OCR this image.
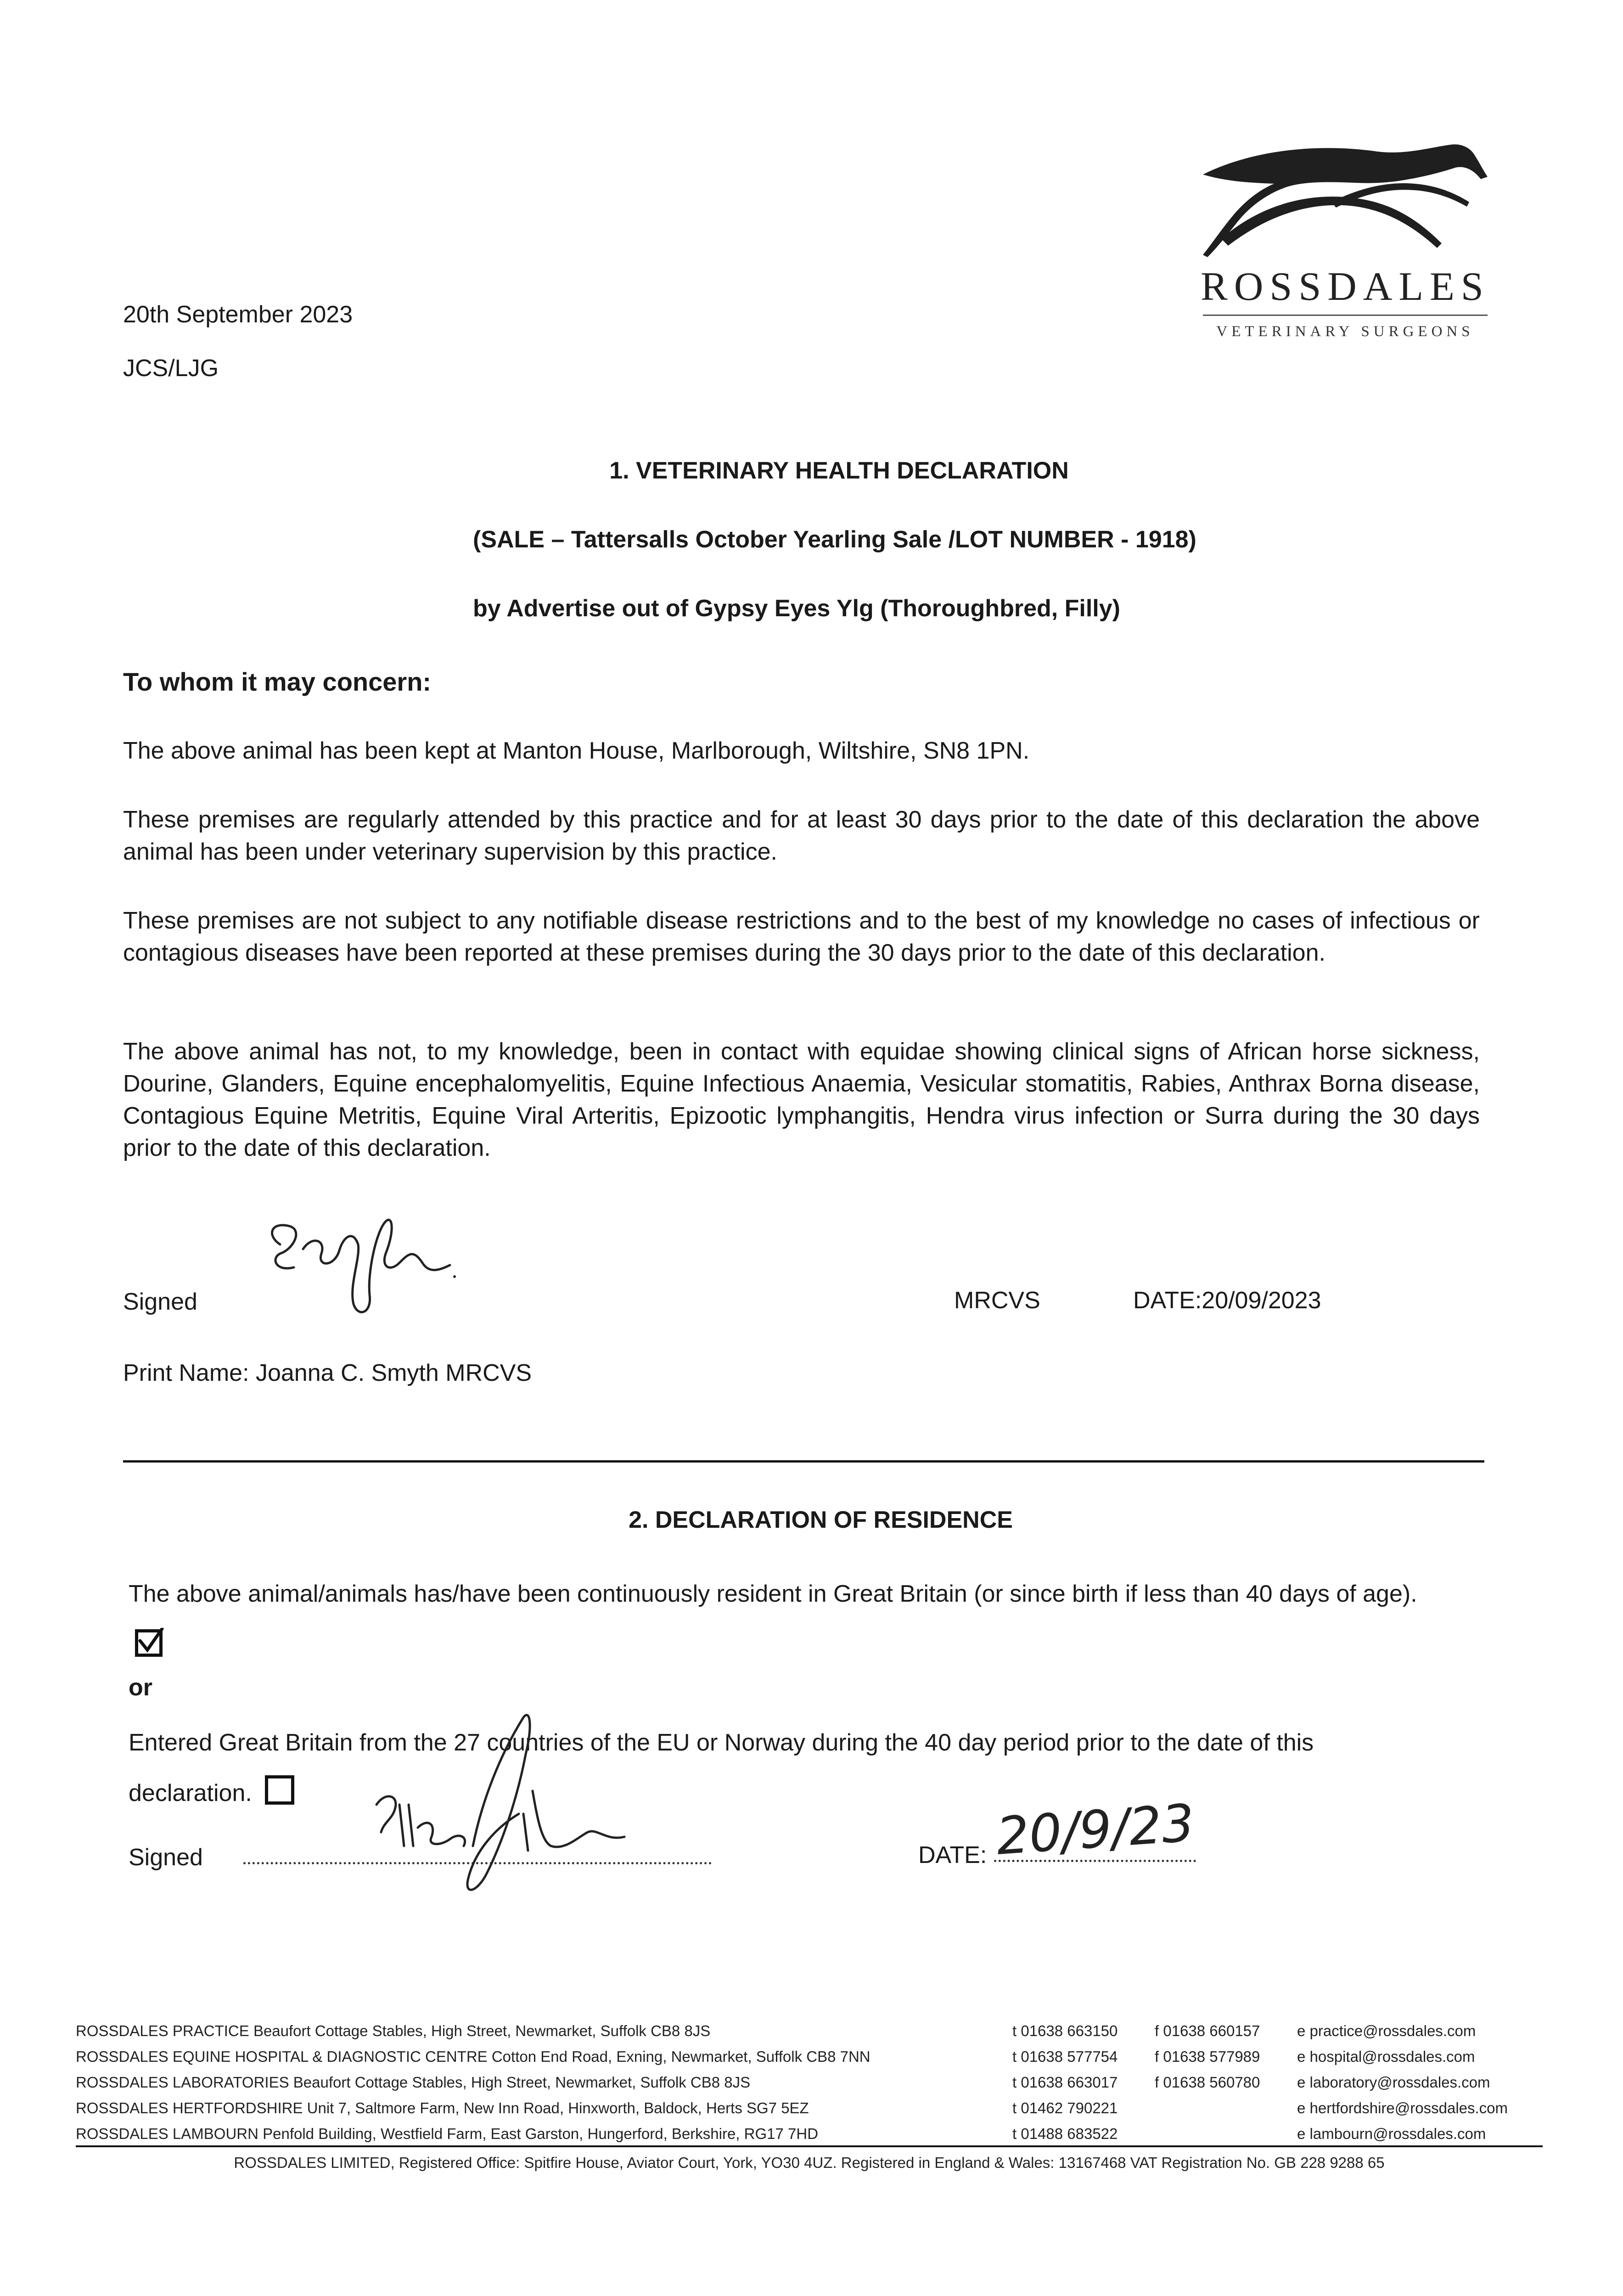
20th September 2023
JCS/LJG
ROSSDALES
VETERINARY SURGEONS
1. VETERINARY HEALTH DECLARATION
(SALE – Tattersalls October Yearling Sale /LOT NUMBER - 1918)
by Advertise out of Gypsy Eyes Ylg (Thoroughbred, Filly)
To whom it may concern:
The above animal has been kept at Manton House, Marlborough, Wiltshire, SN8 1PN.
These premises are regularly attended by this practice and for at least 30 days prior to the date of this declaration the above animal has been under veterinary supervision by this practice.
These premises are not subject to any notifiable disease restrictions and to the best of my knowledge no cases of infectious or contagious diseases have been reported at these premises during the 30 days prior to the date of this declaration.
The above animal has not, to my knowledge, been in contact with equidae showing clinical signs of African horse sickness, Dourine, Glanders, Equine encephalomyelitis, Equine Infectious Anaemia, Vesicular stomatitis, Rabies, Anthrax Borna disease, Contagious Equine Metritis, Equine Viral Arteritis, Epizootic lymphangitis, Hendra virus infection or Surra during the 30 days prior to the date of this declaration.
Signed	MRCVS	DATE:20/09/2023
Print Name: Joanna C. Smyth MRCVS
2. DECLARATION OF RESIDENCE
The above animal/animals has/have been continuously resident in Great Britain (or since birth if less than 40 days of age).
or
Entered Great Britain from the 27 countries of the EU or Norway during the 40 day period prior to the date of this declaration.
Signed	DATE: 20/9/23
ROSSDALES PRACTICE Beaufort Cottage Stables, High Street, Newmarket, Suffolk CB8 8JS	t 01638 663150 f 01638 660157 e practice@rossdales.com
ROSSDALES EQUINE HOSPITAL & DIAGNOSTIC CENTRE Cotton End Road, Exning, Newmarket, Suffolk CB8 7NN	t 01638 577754 f 01638 577989 e hospital@rossdales.com
ROSSDALES LABORATORIES Beaufort Cottage Stables, High Street, Newmarket, Suffolk CB8 8JS	t 01638 663017 f 01638 560780 e laboratory@rossdales.com
ROSSDALES HERTFORDSHIRE Unit 7, Saltmore Farm, New Inn Road, Hinxworth, Baldock, Herts SG7 5EZ	t 01462 790221	e hertfordshire@rossdales.com
ROSSDALES LAMBOURN Penfold Building, Westfield Farm, East Garston, Hungerford, Berkshire, RG17 7HD	t 01488 683522	e lambourn@rossdales.com
ROSSDALES LIMITED, Registered Office: Spitfire House, Aviator Court, York, YO30 4UZ. Registered in England & Wales: 13167468 VAT Registration No. GB 228 9288 65
